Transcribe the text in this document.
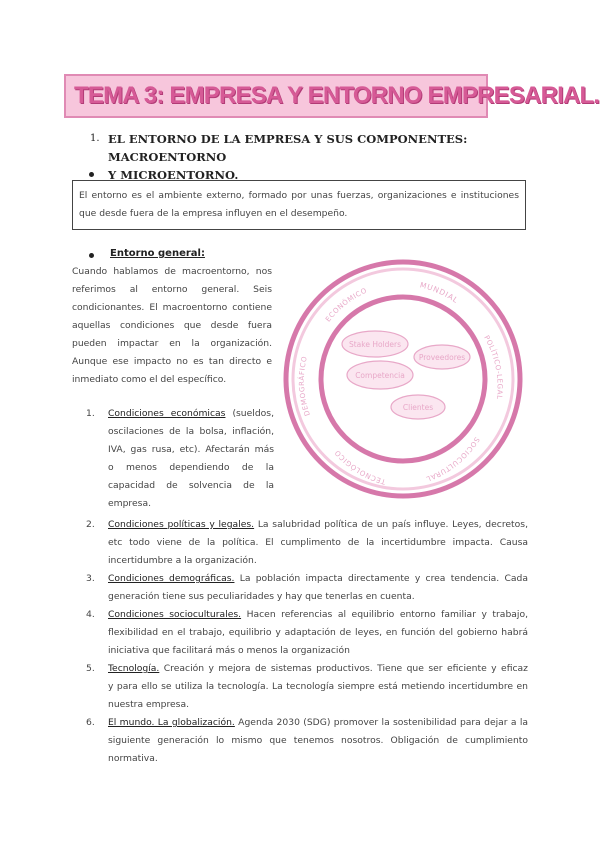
TEMA 3: EMPRESA Y ENTORNO EMPRESARIAL.
1. EL ENTORNO DE LA EMPRESA Y SUS COMPONENTES: MACROENTORNO
Y MICROENTORNO.
El entorno es el ambiente externo, formado por unas fuerzas, organizaciones e instituciones
que desde fuera de la empresa influyen en el desempeño.
Entorno general:
Cuando hablamos de macroentorno, nos
referimos al entorno general. Seis
condicionantes. El macroentorno contiene
aquellas condiciones que desde fuera
pueden impactar en la organización.
Aunque ese impacto no es tan directo e
inmediato como el del específico.
1. Condiciones económicas (sueldos,
oscilaciones de la bolsa, inflación,
IVA, gas rusa, etc). Afectarán más
o menos dependiendo de la
capacidad de solvencia de la
empresa.
2. Condiciones políticas y legales. La salubridad política de un país influye. Leyes, decretos,
etc todo viene de la política. El cumplimento de la incertidumbre impacta. Causa
incertidumbre a la organización.
3. Condiciones demográficas. La población impacta directamente y crea tendencia. Cada
generación tiene sus peculiaridades y hay que tenerlas en cuenta.
4. Condiciones socioculturales. Hacen referencias al equilibrio entorno familiar y trabajo,
flexibilidad en el trabajo, equilibrio y adaptación de leyes, en función del gobierno habrá
iniciativa que facilitará más o menos la organización
5. Tecnología. Creación y mejora de sistemas productivos. Tiene que ser eficiente y eficaz
y para ello se utiliza la tecnología. La tecnología siempre está metiendo incertidumbre en
nuestra empresa.
6. El mundo. La globalización. Agenda 2030 (SDG) promover la sostenibilidad para dejar a la
siguiente generación lo mismo que tenemos nosotros. Obligación de cumplimiento
normativa.
MUNDIAL
POLÍTICO-LEGAL
SOCIOCULTURAL
TECNOLÓGICO
DEMOGRÁFICO
ECONÓMICO
Stake Holders
Proveedores
Competencia
Clientes
